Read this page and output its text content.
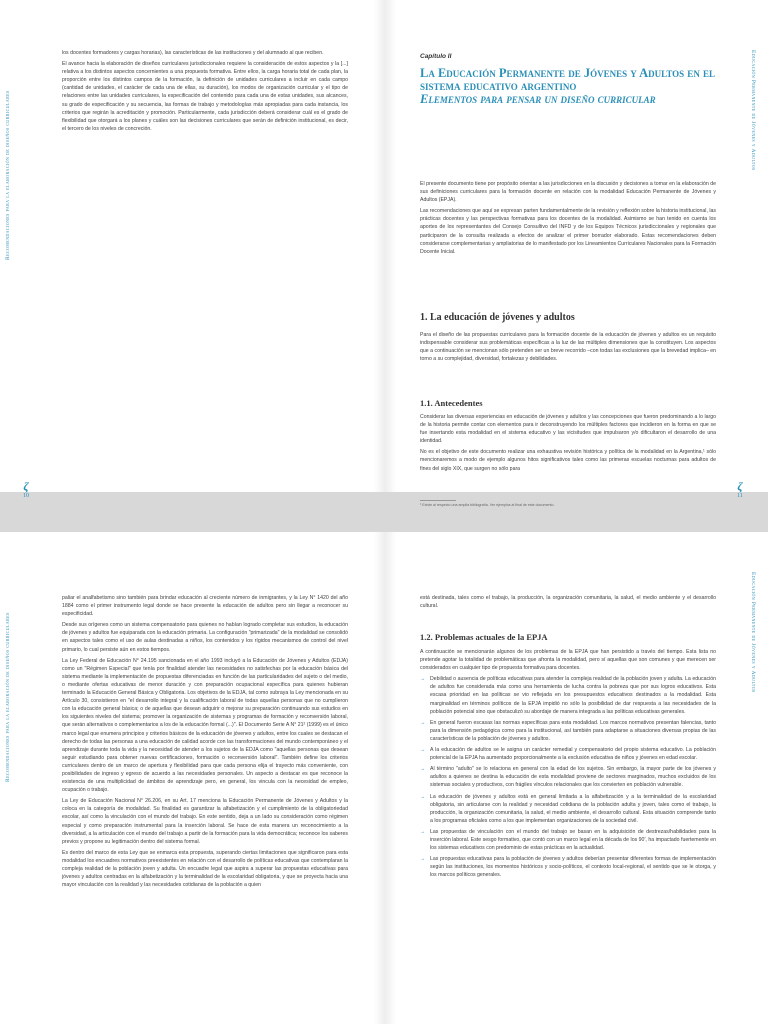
Recomendaciones para la elaboración de diseños curriculares

los docentes formadores y cargas horarias), las características de las instituciones y del alumnado al que reciben.

El avance hacia la elaboración de diseños curriculares jurisdiccionales requiere la consideración de estos aspectos y la [...] relativa a los distintos aspectos concernientes a una propuesta formativa. Entre ellos, la carga horaria total de cada plan, la proporción entre los distintos campos de la formación, la definición de unidades curriculares a incluir en cada campo (cantidad de unidades, el carácter de cada una de ellas, su duración), los modos de organización curricular y el tipo de relaciones entre las unidades curriculares, la especificación del contenido para cada una de estas unidades, sus alcances, su grado de especificación y su secuencia, las formas de trabajo y metodologías más apropiadas para cada instancia, los criterios que regirán la acreditación y promoción. Particularmente, cada jurisdicción deberá considerar cuál es el grado de flexibilidad que otorgará a los planes y cuáles son las decisiones curriculares que serán de definición institucional, es decir, el tercero de los niveles de concreción.

ζ
10
Capítulo II
La Educación Permanente de Jóvenes y Adultos en el sistema educativo argentino
Elementos para pensar un diseño curricular

El presente documento tiene por propósito orientar a las jurisdicciones en la discusión y decisiones a tomar en la elaboración de sus definiciones curriculares para la formación docente en relación con la modalidad Educación Permanente de Jóvenes y Adultos (EPJA).

Las recomendaciones que aquí se expresan parten fundamentalmente de la revisión y reflexión sobre la historia institucional, las prácticas docentes y las perspectivas formativas para los docentes de la modalidad. Asimismo se han tenido en cuenta los aportes de los representantes del Consejo Consultivo del INFD y de los Equipos Técnicos jurisdiccionales y regionales que participaron de la consulta realizada a efectos de analizar el primer borrador elaborado. Estas recomendaciones deben considerarse complementarias y ampliatorias de lo manifestado por los Lineamientos Curriculares Nacionales para la Formación Docente Inicial.

1. La educación de jóvenes y adultos

Para el diseño de las propuestas curriculares para la formación docente de la educación de jóvenes y adultos es un requisito indispensable considerar sus problemáticas específicas a la luz de las múltiples dimensiones que la constituyen. Los aspectos que a continuación se mencionan sólo pretenden ser un breve recorrido –con todas las exclusiones que la brevedad implica– en torno a su complejidad, diversidad, fortalezas y debilidades.

1.1. Antecedentes

Considerar las diversas experiencias en educación de jóvenes y adultos y las concepciones que fueron predominando a lo largo de la historia permite contar con elementos para ir deconstruyendo los múltiples factores que incidieron en la forma en que se fue insertando esta modalidad en el sistema educativo y las vicisitudes que impulsaron y/o dificultaron el desarrollo de una identidad.

No es el objetivo de este documento realizar una exhaustiva revisión histórica y política de la modalidad en la Argentina,¹ sólo mencionaremos a modo de ejemplo algunos hitos significativos tales como las primeras escuelas nocturnas para adultos de fines del siglo XIX, que surgen no sólo para

¹ Existe al respecto una amplia bibliografía. Ver ejemplos al final de este documento.
Educación Permanente de Jóvenes y Adultos
ζ
11
Recomendaciones para la elaboración de diseños curriculares

paliar el analfabetismo sino también para brindar educación al creciente número de inmigrantes, y la Ley N° 1420 del año 1884 como el primer instrumento legal donde se hace presente la educación de adultos pero sin llegar a reconocer su especificidad.

Desde sus orígenes como un sistema compensatorio para quienes no habían logrado completar sus estudios, la educación de jóvenes y adultos fue equiparada con la educación primaria. La configuración "primarizada" de la modalidad se consolidó en aspectos tales como el uso de aulas destinadas a niños, los contenidos y los rígidos mecanismos de control del nivel primario, lo cual persiste aún en estos tiempos.

La Ley Federal de Educación N° 24.195 sancionada en el año 1993 incluyó a la Educación de Jóvenes y Adultos (EDJA) como un "Régimen Especial" que tenía por finalidad atender las necesidades no satisfechas por la educación básica del sistema mediante la implementación de propuestas diferenciadas en función de las particularidades del sujeto o del medio, o mediante ofertas educativas de menor duración y con preparación ocupacional específica para quienes hubieran terminado la Educación General Básica y Obligatoria. Los objetivos de la EDJA, tal como subraya la Ley mencionada en su Artículo 30, consistieron en "el desarrollo integral y la cualificación laboral de todas aquellas personas que no cumplieron con la educación general básica; o de aquellas que desean adquirir o mejorar su preparación continuando sus estudios en los siguientes niveles del sistema; promover la organización de sistemas y programas de formación y reconversión laboral, que serán alternativos o complementarios a los de la educación formal (...)". El Documento Serie A N° 21² (1999) es el único marco legal que enumera principios y criterios básicos de la educación de jóvenes y adultos, entre los cuales se destacan el derecho de todas las personas a una educación de calidad acorde con las transformaciones del mundo contemporáneo y el aprendizaje durante toda la vida y la necesidad de atender a los sujetos de la EDJA como "aquellas personas que desean seguir estudiando para obtener nuevas certificaciones, formación o reconversión laboral". También define los criterios curriculares dentro de un marco de apertura y flexibilidad para que cada persona elija el trayecto más conveniente, con posibilidades de ingreso y egreso de acuerdo a las necesidades personales. Un aspecto a destacar es que reconoce la existencia de una multiplicidad de ámbitos de aprendizaje pero, en general, los vincula con la necesidad de empleo, ocupación o trabajo.

La Ley de Educación Nacional N° 26.206, en su Art. 17 menciona la Educación Permanente de Jóvenes y Adultos y la coloca en la categoría de modalidad. Su finalidad es garantizar la alfabetización y el cumplimiento de la obligatoriedad escolar, así como la vinculación con el mundo del trabajo. En este sentido, deja a un lado su consideración como régimen especial y como preparación instrumental para la inserción laboral. Se hace de esta manera un reconocimiento a la diversidad, a la articulación con el mundo del trabajo a partir de la formación para la vida democrática; reconoce los saberes previos y propone su legitimación dentro del sistema formal.

Es dentro del marco de esta Ley que se enmarca esta propuesta, superando ciertas limitaciones que significaron para esta modalidad los encuadres normativos preexistentes en relación con el desarrollo de políticas educativas que contemplaran la compleja realidad de la población joven y adulta. Un encuadre legal que aspira a superar las propuestas educativas para jóvenes y adultos centradas en la alfabetización y la terminalidad de la escolaridad obligatoria, y que se proyecta hacia una mayor vinculación con la realidad y las necesidades cotidianas de la población a quien

está destinada, tales como el trabajo, la producción, la organización comunitaria, la salud, el medio ambiente y el desarrollo cultural.

1.2. Problemas actuales de la EPJA

A continuación se mencionarán algunos de los problemas de la EPJA que han persistido a través del tiempo. Esta lista no pretende agotar la totalidad de problemáticas que afronta la modalidad, pero sí aquellas que son comunes y que merecen ser considerados en cualquier tipo de propuesta formativa para docentes.

→ Debilidad o ausencia de políticas educativas para atender la compleja realidad de la población joven y adulta. La educación de adultos fue considerada más como una herramienta de lucha contra la pobreza que por sus logros educativos. Esta escasa prioridad en las políticas se vio reflejada en los presupuestos educativos destinados a la modalidad. Esta marginalidad en términos políticos de la EPJA impidió no sólo la posibilidad de dar respuesta a las necesidades de la población potencial sino que obstaculizó su abordaje de manera integrada a las políticas educativas generales.
→ En general fueron escasas las normas específicas para esta modalidad. Los marcos normativos presentan falencias, tanto para la dimensión pedagógica como para la institucional, así también para adaptarse a situaciones diversas propias de las características de la población de jóvenes y adultos.
→ A la educación de adultos se le asigna un carácter remedial y compensatorio del propio sistema educativo. La población potencial de la EPJA ha aumentado proporcionalmente a la exclusión educativa de niños y jóvenes en edad escolar.
→ Al término "adulto" se lo relaciona en general con la edad de los sujetos. Sin embargo, la mayor parte de los jóvenes y adultos a quienes se destina la educación de esta modalidad proviene de sectores marginados, muchos excluidos de los sistemas sociales y productivos, con frágiles vínculos relacionales que los convierten en población vulnerable.
→ La educación de jóvenes y adultos está en general limitada a la alfabetización y a la terminalidad de la escolaridad obligatoria, sin articularse con la realidad y necesidad cotidiana de la población adulta y joven, tales como el trabajo, la producción, la organización comunitaria, la salud, el medio ambiente, el desarrollo cultural. Esta situación comprende tanto a los programas oficiales como a los que implementan organizaciones de la sociedad civil.
→ Las propuestas de vinculación con el mundo del trabajo se basan en la adquisición de destrezas/habilidades para la inserción laboral. Este sesgo formativo, que contó con un marco legal en la década de los 90', ha impactado fuertemente en los sistemas educativos con predominio de estas prácticas en la actualidad.
→ Las propuestas educativas para la población de jóvenes y adultos deberían presentar diferentes formas de implementación según las instituciones, los momentos históricos y socio-políticos, el contexto local-regional, el sentido que se le otorga, y los marcos políticos generales.
Educación Permanente de Jóvenes y Adultos
